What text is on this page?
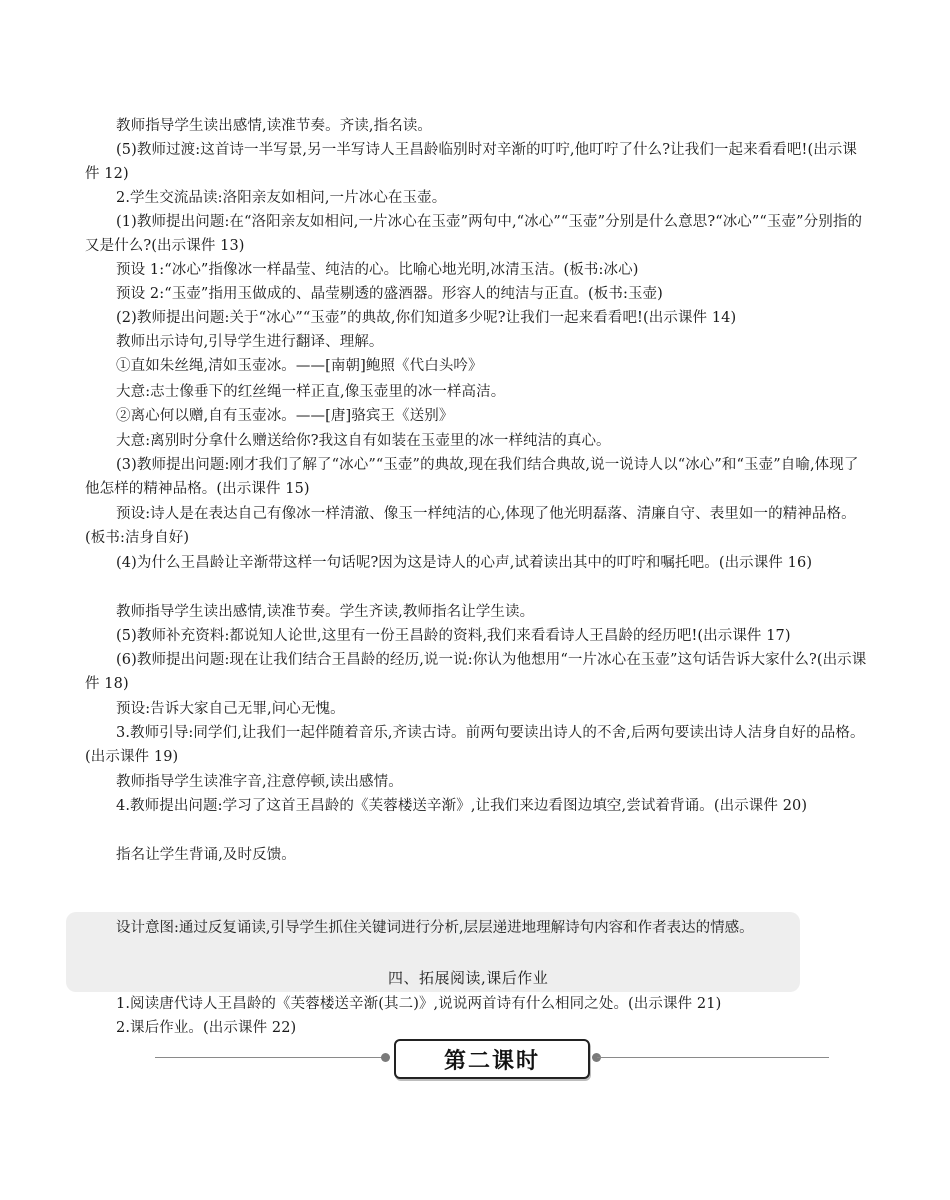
教师指导学生读出感情,读准节奏。齐读,指名读。

(5)教师过渡:这首诗一半写景,另一半写诗人王昌龄临别时对辛渐的叮咛,他叮咛了什么?让我们一起来看看吧!(出示课件 12)

2.学生交流品读:洛阳亲友如相问,一片冰心在玉壶。

(1)教师提出问题:在“洛阳亲友如相问,一片冰心在玉壶”两句中,“冰心”“玉壶”分别是什么意思?“冰心”“玉壶”分别指的又是什么?(出示课件 13)

预设 1:“冰心”指像冰一样晶莹、纯洁的心。比喻心地光明,冰清玉洁。(板书:冰心)

预设 2:“玉壶”指用玉做成的、晶莹剔透的盛酒器。形容人的纯洁与正直。(板书:玉壶)

(2)教师提出问题:关于“冰心”“玉壶”的典故,你们知道多少呢?让我们一起来看看吧!(出示课件 14)

教师出示诗句,引导学生进行翻译、理解。

①直如朱丝绳,清如玉壶冰。——[南朝]鲍照《代白头吟》

大意:志士像垂下的红丝绳一样正直,像玉壶里的冰一样高洁。

②离心何以赠,自有玉壶冰。——[唐]骆宾王《送别》

大意:离别时分拿什么赠送给你?我这自有如装在玉壶里的冰一样纯洁的真心。

(3)教师提出问题:刚才我们了解了“冰心”“玉壶”的典故,现在我们结合典故,说一说诗人以“冰心”和“玉壶”自喻,体现了他怎样的精神品格。(出示课件 15)

预设:诗人是在表达自己有像冰一样清澈、像玉一样纯洁的心,体现了他光明磊落、清廉自守、表里如一的精神品格。(板书:洁身自好)

(4)为什么王昌龄让辛渐带这样一句话呢?因为这是诗人的心声,试着读出其中的叮咛和嘱托吧。(出示课件 16)

教师指导学生读出感情,读准节奏。学生齐读,教师指名让学生读。

(5)教师补充资料:都说知人论世,这里有一份王昌龄的资料,我们来看看诗人王昌龄的经历吧!(出示课件 17)

(6)教师提出问题:现在让我们结合王昌龄的经历,说一说:你认为他想用“一片冰心在玉壶”这句话告诉大家什么?(出示课件 18)

预设:告诉大家自己无罪,问心无愧。

3.教师引导:同学们,让我们一起伴随着音乐,齐读古诗。前两句要读出诗人的不舍,后两句要读出诗人洁身自好的品格。(出示课件 19)

教师指导学生读准字音,注意停顿,读出感情。

4.教师提出问题:学习了这首王昌龄的《芙蓉楼送辛渐》,让我们来边看图边填空,尝试着背诵。(出示课件 20)

指名让学生背诵,及时反馈。

设计意图:通过反复诵读,引导学生抓住关键词进行分析,层层递进地理解诗句内容和作者表达的情感。

四、拓展阅读,课后作业

1.阅读唐代诗人王昌龄的《芙蓉楼送辛渐(其二)》,说说两首诗有什么相同之处。(出示课件 21)

2.课后作业。(出示课件 22)

第二课时
